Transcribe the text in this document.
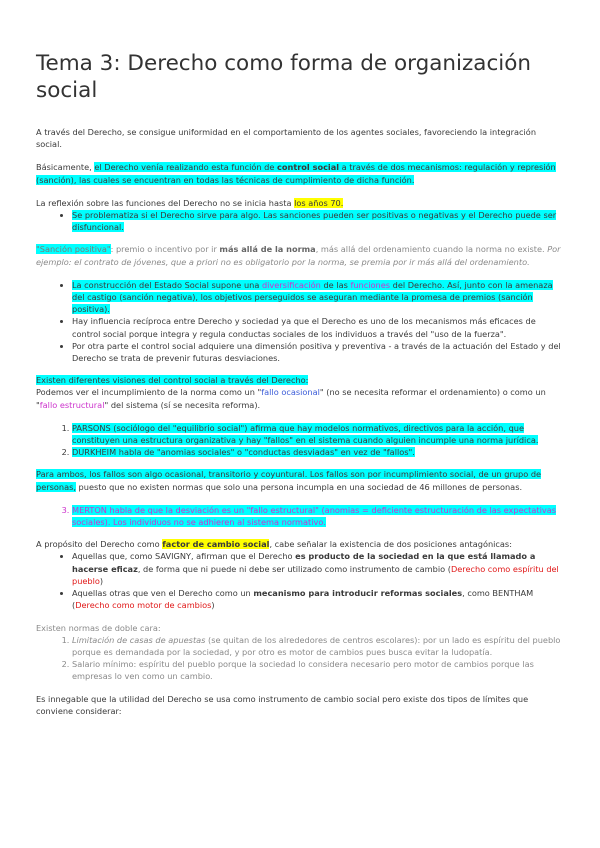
Tema 3: Derecho como forma de organización social

A través del Derecho, se consigue uniformidad en el comportamiento de los agentes sociales, favoreciendo la integración social.

Básicamente, el Derecho venía realizando esta función de control social a través de dos mecanismos: regulación y represión (sanción), las cuales se encuentran en todas las técnicas de cumplimiento de dicha función.

La reflexión sobre las funciones del Derecho no se inicia hasta los años 70.

• Se problematiza si el Derecho sirve para algo. Las sanciones pueden ser positivas o negativas y el Derecho puede ser disfuncional.

"Sanción positiva": premio o incentivo por ir más allá de la norma, más allá del ordenamiento cuando la norma no existe. Por ejemplo: el contrato de jóvenes, que a priori no es obligatorio por la norma, se premia por ir más allá del ordenamiento.

• La construcción del Estado Social supone una diversificación de las funciones del Derecho. Así, junto con la amenaza del castigo (sanción negativa), los objetivos perseguidos se aseguran mediante la promesa de premios (sanción positiva).
• Hay influencia recíproca entre Derecho y sociedad ya que el Derecho es uno de los mecanismos más eficaces de control social porque integra y regula conductas sociales de los individuos a través del "uso de la fuerza".
• Por otra parte el control social adquiere una dimensión positiva y preventiva - a través de la actuación del Estado y del Derecho se trata de prevenir futuras desviaciones.

Existen diferentes visiones del control social a través del Derecho:

Podemos ver el incumplimiento de la norma como un "fallo ocasional" (no se necesita reformar el ordenamiento) o como un "fallo estructural" del sistema (sí se necesita reforma).

1. PARSONS (sociólogo del "equilibrio social") afirma que hay modelos normativos, directivos para la acción, que constituyen una estructura organizativa y hay "fallos" en el sistema cuando alguien incumple una norma jurídica.
2. DURKHEIM habla de "anomias sociales" o "conductas desviadas" en vez de "fallos".

Para ambos, los fallos son algo ocasional, transitorio y coyuntural. Los fallos son por incumplimiento social, de un grupo de personas, puesto que no existen normas que solo una persona incumpla en una sociedad de 46 millones de personas.

3. MERTON habla de que la desviación es un "fallo estructural" (anomias = deficiente estructuración de las expectativas sociales). Los individuos no se adhieren al sistema normativo.

A propósito del Derecho como factor de cambio social, cabe señalar la existencia de dos posiciones antagónicas:

• Aquellas que, como SAVIGNY, afirman que el Derecho es producto de la sociedad en la que está llamado a hacerse eficaz, de forma que ni puede ni debe ser utilizado como instrumento de cambio (Derecho como espíritu del pueblo)
• Aquellas otras que ven el Derecho como un mecanismo para introducir reformas sociales, como BENTHAM (Derecho como motor de cambios)

Existen normas de doble cara:

1. Limitación de casas de apuestas (se quitan de los alrededores de centros escolares): por un lado es espíritu del pueblo porque es demandada por la sociedad, y por otro es motor de cambios pues busca evitar la ludopatía.
2. Salario mínimo: espíritu del pueblo porque la sociedad lo considera necesario pero motor de cambios porque las empresas lo ven como un cambio.

Es innegable que la utilidad del Derecho se usa como instrumento de cambio social pero existe dos tipos de límites que conviene considerar:
